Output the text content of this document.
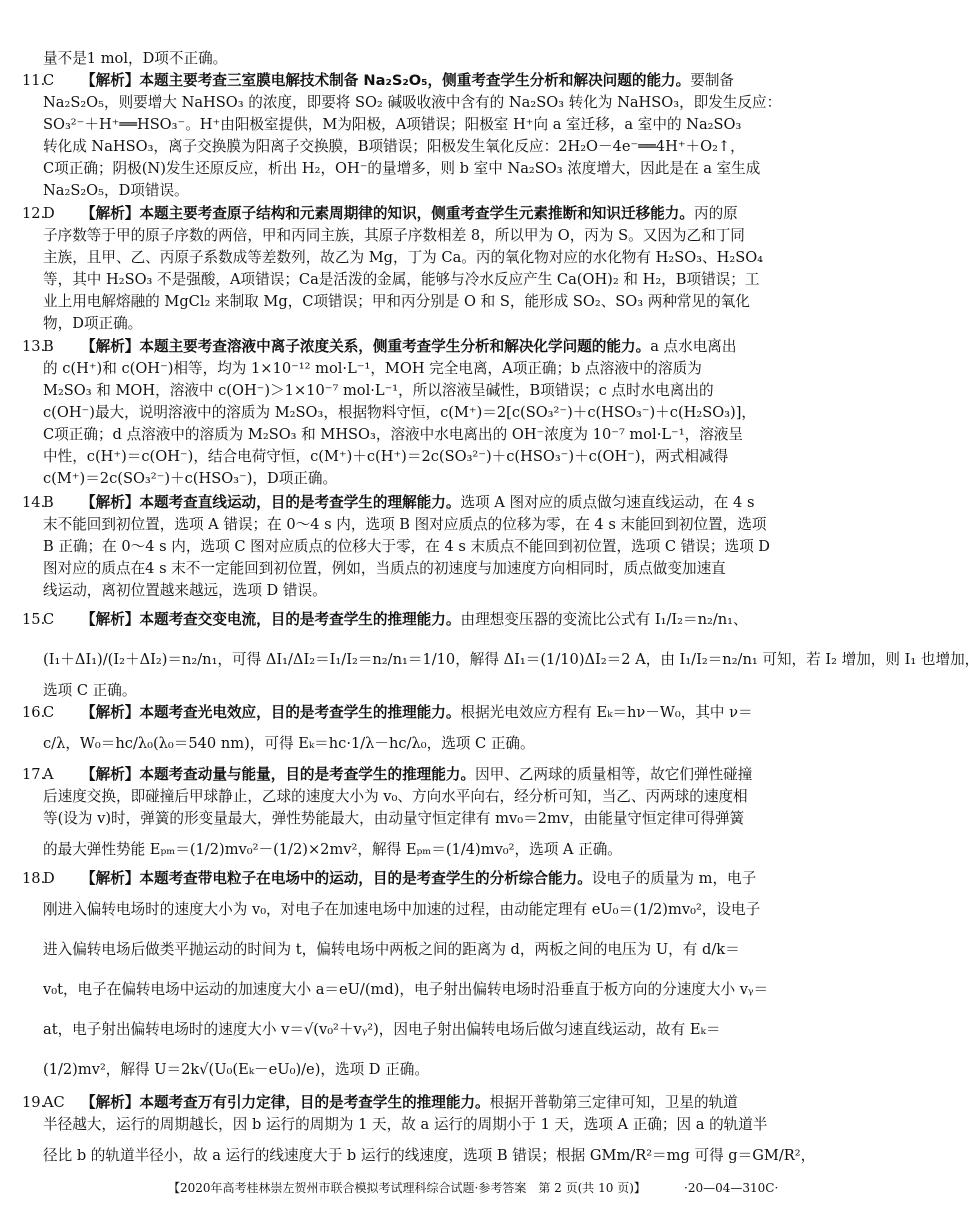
量不是1 mol，D项不正确。
11.C 【解析】本题主要考查三室膜电解技术制备 Na₂S₂O₅，侧重考查学生分析和解决问题的能力。要制备
Na₂S₂O₅，则要增大 NaHSO₃ 的浓度，即要将 SO₂ 碱吸收液中含有的 Na₂SO₃ 转化为 NaHSO₃，即发生反应：
SO₃²⁻＋H⁺══HSO₃⁻。H⁺由阳极室提供，M为阳极，A项错误；阳极室 H⁺向 a 室迁移，a 室中的 Na₂SO₃
转化成 NaHSO₃，离子交换膜为阳离子交换膜，B项错误；阳极发生氧化反应：2H₂O－4e⁻══4H⁺＋O₂↑，
C项正确；阴极(N)发生还原反应，析出 H₂，OH⁻的量增多，则 b 室中 Na₂SO₃ 浓度增大，因此是在 a 室生成
Na₂S₂O₅，D项错误。
12.D 【解析】本题主要考查原子结构和元素周期律的知识，侧重考查学生元素推断和知识迁移能力。丙的原
子序数等于甲的原子序数的两倍，甲和丙同主族，其原子序数相差 8，所以甲为 O，丙为 S。又因为乙和丁同
主族，且甲、乙、丙原子系数成等差数列，故乙为 Mg，丁为 Ca。丙的氧化物对应的水化物有 H₂SO₃、H₂SO₄
等，其中 H₂SO₃ 不是强酸，A项错误；Ca是活泼的金属，能够与冷水反应产生 Ca(OH)₂ 和 H₂，B项错误；工
业上用电解熔融的 MgCl₂ 来制取 Mg，C项错误；甲和丙分别是 O 和 S，能形成 SO₂、SO₃ 两种常见的氧化
物，D项正确。
13.B 【解析】本题主要考查溶液中离子浓度关系，侧重考查学生分析和解决化学问题的能力。a 点水电离出
的 c(H⁺)和 c(OH⁻)相等，均为 1×10⁻¹² mol·L⁻¹，MOH 完全电离，A项正确；b 点溶液中的溶质为
M₂SO₃ 和 MOH，溶液中 c(OH⁻)＞1×10⁻⁷ mol·L⁻¹，所以溶液呈碱性，B项错误；c 点时水电离出的
c(OH⁻)最大，说明溶液中的溶质为 M₂SO₃，根据物料守恒，c(M⁺)＝2[c(SO₃²⁻)＋c(HSO₃⁻)＋c(H₂SO₃)]，
C项正确；d 点溶液中的溶质为 M₂SO₃ 和 MHSO₃，溶液中水电离出的 OH⁻浓度为 10⁻⁷ mol·L⁻¹，溶液呈
中性，c(H⁺)＝c(OH⁻)，结合电荷守恒，c(M⁺)＋c(H⁺)＝2c(SO₃²⁻)＋c(HSO₃⁻)＋c(OH⁻)，两式相减得
c(M⁺)＝2c(SO₃²⁻)＋c(HSO₃⁻)，D项正确。
14.B 【解析】本题考查直线运动，目的是考查学生的理解能力。选项 A 图对应的质点做匀速直线运动，在 4 s
末不能回到初位置，选项 A 错误；在 0～4 s 内，选项 B 图对应质点的位移为零，在 4 s 末能回到初位置，选项
B 正确；在 0～4 s 内，选项 C 图对应质点的位移大于零，在 4 s 末质点不能回到初位置，选项 C 错误；选项 D
图对应的质点在4 s 末不一定能回到初位置，例如，当质点的初速度与加速度方向相同时，质点做变加速直
线运动，离初位置越来越远，选项 D 错误。
15.C 【解析】本题考查交变电流，目的是考查学生的推理能力。由理想变压器的变流比公式有 I₁/I₂＝n₂/n₁、
(I₁＋ΔI₁)/(I₂＋ΔI₂)＝n₂/n₁，可得 ΔI₁/ΔI₂＝I₁/I₂＝n₂/n₁＝1/10，解得 ΔI₁＝(1/10)ΔI₂＝2 A，由 I₁/I₂＝n₂/n₁ 可知，若 I₂ 增加，则 I₁ 也增加，
选项 C 正确。
16.C 【解析】本题考查光电效应，目的是考查学生的推理能力。根据光电效应方程有 Eₖ＝hν－W₀，其中 ν＝
c/λ，W₀＝hc/λ₀(λ₀＝540 nm)，可得 Eₖ＝hc·1/λ－hc/λ₀，选项 C 正确。
17.A 【解析】本题考查动量与能量，目的是考查学生的推理能力。因甲、乙两球的质量相等，故它们弹性碰撞
后速度交换，即碰撞后甲球静止，乙球的速度大小为 v₀、方向水平向右，经分析可知，当乙、丙两球的速度相
等(设为 v)时，弹簧的形变量最大，弹性势能最大，由动量守恒定律有 mv₀＝2mv，由能量守恒定律可得弹簧
的最大弹性势能 Eₚₘ＝(1/2)mv₀²－(1/2)×2mv²，解得 Eₚₘ＝(1/4)mv₀²，选项 A 正确。
18.D 【解析】本题考查带电粒子在电场中的运动，目的是考查学生的分析综合能力。设电子的质量为 m，电子
刚进入偏转电场时的速度大小为 v₀，对电子在加速电场中加速的过程，由动能定理有 eU₀＝(1/2)mv₀²，设电子
进入偏转电场后做类平抛运动的时间为 t，偏转电场中两板之间的距离为 d，两板之间的电压为 U，有 d/k＝
v₀t，电子在偏转电场中运动的加速度大小 a＝eU/(md)，电子射出偏转电场时沿垂直于板方向的分速度大小 vᵧ＝
at，电子射出偏转电场时的速度大小 v＝√(v₀²＋vᵧ²)，因电子射出偏转电场后做匀速直线运动，故有 Eₖ＝
(1/2)mv²，解得 U＝2k√(U₀(Eₖ－eU₀)/e)，选项 D 正确。
19.AC 【解析】本题考查万有引力定律，目的是考查学生的推理能力。根据开普勒第三定律可知，卫星的轨道
半径越大，运行的周期越长，因 b 运行的周期为 1 天，故 a 运行的周期小于 1 天，选项 A 正确；因 a 的轨道半
径比 b 的轨道半径小，故 a 运行的线速度大于 b 运行的线速度，选项 B 错误；根据 GMm/R²＝mg 可得 g＝GM/R²，
【2020年高考桂林崇左贺州市联合模拟考试理科综合试题·参考答案　第 2 页(共 10 页)】	·20—04—310C·
